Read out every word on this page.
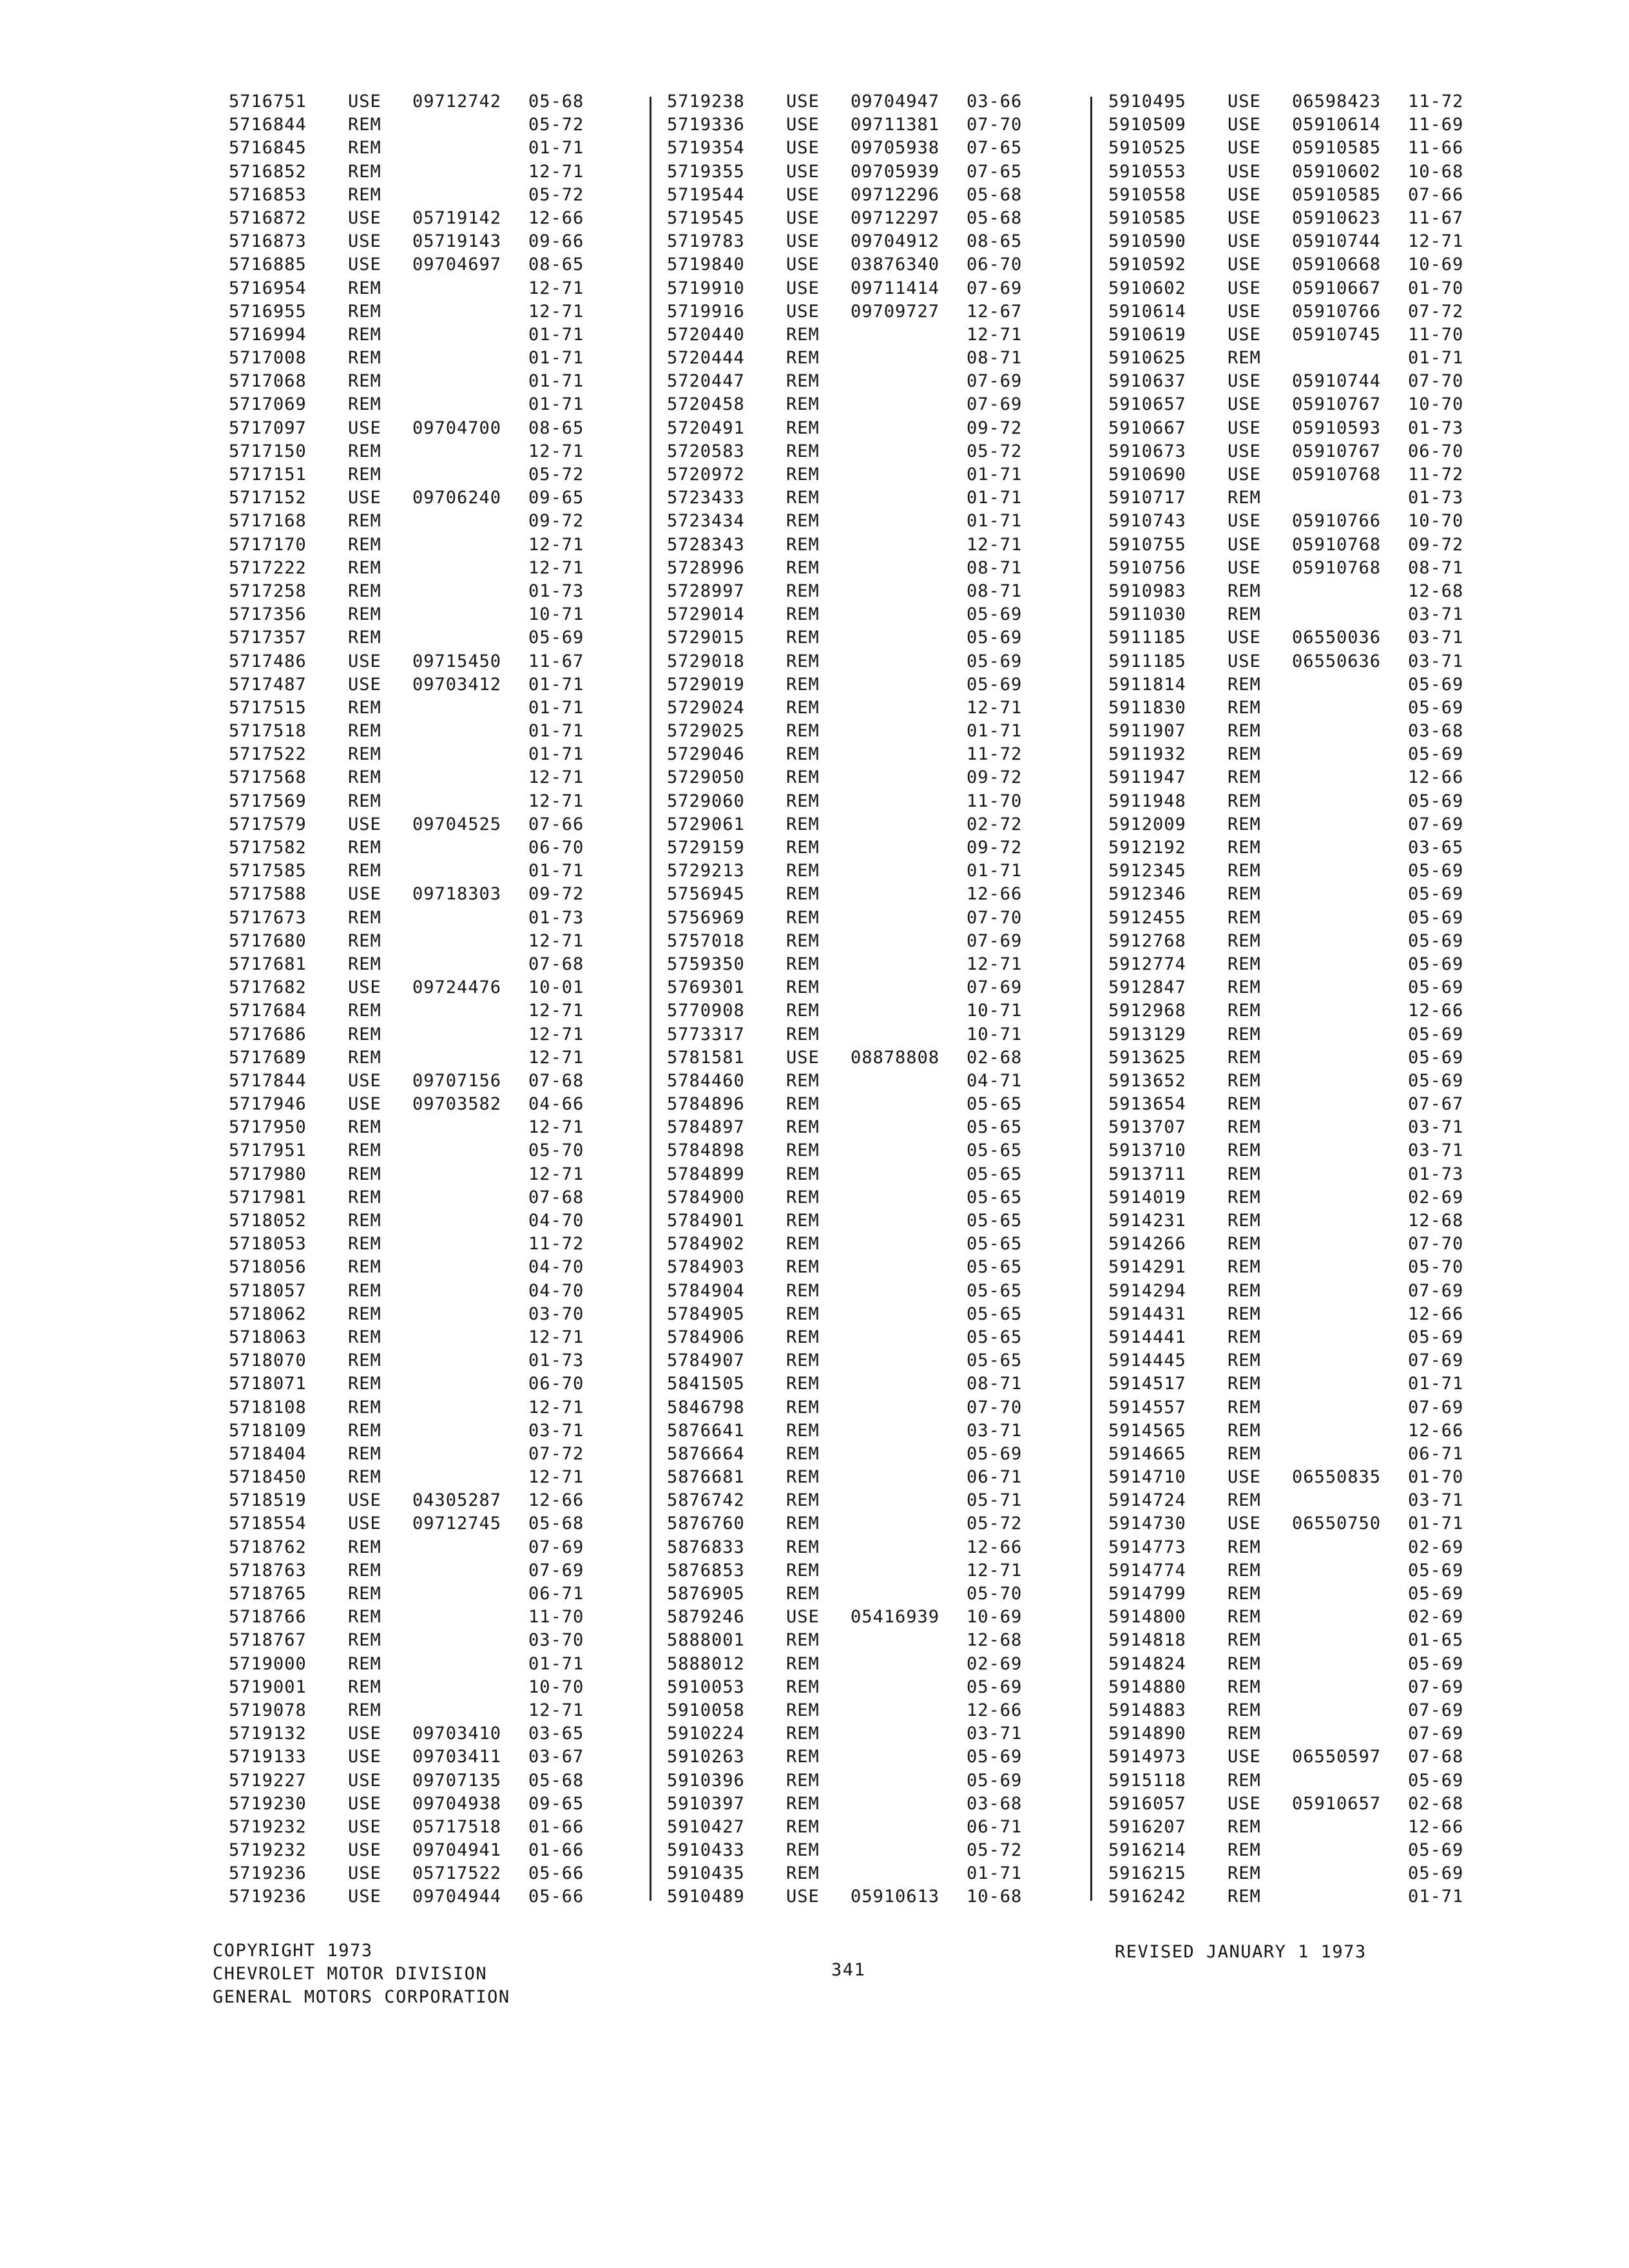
5716751 USE 09712742 05-68
5716844 REM	05-72
5716845 REM	01-71
5716852 REM	12-71
5716853 REM	05-72
5716872 USE 05719142 12-66
5716873 USE 05719143 09-66
5716885 USE 09704697 08-65
5716954 REM	12-71
5716955 REM	12-71
5716994 REM	01-71
5717008 REM	01-71
5717068 REM	01-71
5717069 REM	01-71
5717097 USE 09704700 08-65
5717150 REM	12-71
5717151 REM	05-72
5717152 USE 09706240 09-65
5717168 REM	09-72
5717170 REM	12-71
5717222 REM	12-71
5717258 REM	01-73
5717356 REM	10-71
5717357 REM	05-69
5717486 USE 09715450 11-67
5717487 USE 09703412 01-71
5717515 REM	01-71
5717518 REM	01-71
5717522 REM	01-71
5717568 REM	12-71
5717569 REM	12-71
5717579 USE 09704525 07-66
5717582 REM	06-70
5717585 REM	01-71
5717588 USE 09718303 09-72
5717673 REM	01-73
5717680 REM	12-71
5717681 REM	07-68
5717682 USE 09724476 10-01
5717684 REM	12-71
5717686 REM	12-71
5717689 REM	12-71
5717844 USE 09707156 07-68
5717946 USE 09703582 04-66
5717950 REM	12-71
5717951 REM	05-70
5717980 REM	12-71
5717981 REM	07-68
5718052 REM	04-70
5718053 REM	11-72
5718056 REM	04-70
5718057 REM	04-70
5718062 REM	03-70
5718063 REM	12-71
5718070 REM	01-73
5718071 REM	06-70
5718108 REM	12-71
5718109 REM	03-71
5718404 REM	07-72
5718450 REM	12-71
5718519 USE 04305287 12-66
5718554 USE 09712745 05-68
5718762 REM	07-69
5718763 REM	07-69
5718765 REM	06-71
5718766 REM	11-70
5718767 REM	03-70
5719000 REM	01-71
5719001 REM	10-70
5719078 REM	12-71
5719132 USE 09703410 03-65
5719133 USE 09703411 03-67
5719227 USE 09707135 05-68
5719230 USE 09704938 09-65
5719232 USE 05717518 01-66
5719232 USE 09704941 01-66
5719236 USE 05717522 05-66
5719236 USE 09704944 05-66
5719238 USE 09704947 03-66
5719336 USE 09711381 07-70
5719354 USE 09705938 07-65
5719355 USE 09705939 07-65
5719544 USE 09712296 05-68
5719545 USE 09712297 05-68
5719783 USE 09704912 08-65
5719840 USE 03876340 06-70
5719910 USE 09711414 07-69
5719916 USE 09709727 12-67
5720440 REM	12-71
5720444 REM	08-71
5720447 REM	07-69
5720458 REM	07-69
5720491 REM	09-72
5720583 REM	05-72
5720972 REM	01-71
5723433 REM	01-71
5723434 REM	01-71
5728343 REM	12-71
5728996 REM	08-71
5728997 REM	08-71
5729014 REM	05-69
5729015 REM	05-69
5729018 REM	05-69
5729019 REM	05-69
5729024 REM	12-71
5729025 REM	01-71
5729046 REM	11-72
5729050 REM	09-72
5729060 REM	11-70
5729061 REM	02-72
5729159 REM	09-72
5729213 REM	01-71
5756945 REM	12-66
5756969 REM	07-70
5757018 REM	07-69
5759350 REM	12-71
5769301 REM	07-69
5770908 REM	10-71
5773317 REM	10-71
5781581 USE 08878808 02-68
5784460 REM	04-71
5784896 REM	05-65
5784897 REM	05-65
5784898 REM	05-65
5784899 REM	05-65
5784900 REM	05-65
5784901 REM	05-65
5784902 REM	05-65
5784903 REM	05-65
5784904 REM	05-65
5784905 REM	05-65
5784906 REM	05-65
5784907 REM	05-65
5841505 REM	08-71
5846798 REM	07-70
5876641 REM	03-71
5876664 REM	05-69
5876681 REM	06-71
5876742 REM	05-71
5876760 REM	05-72
5876833 REM	12-66
5876853 REM	12-71
5876905 REM	05-70
5879246 USE 05416939 10-69
5888001 REM	12-68
5888012 REM	02-69
5910053 REM	05-69
5910058 REM	12-66
5910224 REM	03-71
5910263 REM	05-69
5910396 REM	05-69
5910397 REM	03-68
5910427 REM	06-71
5910433 REM	05-72
5910435 REM	01-71
5910489 USE 05910613 10-68
5910495 USE 06598423 11-72
5910509 USE 05910614 11-69
5910525 USE 05910585 11-66
5910553 USE 05910602 10-68
5910558 USE 05910585 07-66
5910585 USE 05910623 11-67
5910590 USE 05910744 12-71
5910592 USE 05910668 10-69
5910602 USE 05910667 01-70
5910614 USE 05910766 07-72
5910619 USE 05910745 11-70
5910625 REM	01-71
5910637 USE 05910744 07-70
5910657 USE 05910767 10-70
5910667 USE 05910593 01-73
5910673 USE 05910767 06-70
5910690 USE 05910768 11-72
5910717 REM	01-73
5910743 USE 05910766 10-70
5910755 USE 05910768 09-72
5910756 USE 05910768 08-71
5910983 REM	12-68
5911030 REM	03-71
5911185 USE 06550036 03-71
5911185 USE 06550636 03-71
5911814 REM	05-69
5911830 REM	05-69
5911907 REM	03-68
5911932 REM	05-69
5911947 REM	12-66
5911948 REM	05-69
5912009 REM	07-69
5912192 REM	03-65
5912345 REM	05-69
5912346 REM	05-69
5912455 REM	05-69
5912768 REM	05-69
5912774 REM	05-69
5912847 REM	05-69
5912968 REM	12-66
5913129 REM	05-69
5913625 REM	05-69
5913652 REM	05-69
5913654 REM	07-67
5913707 REM	03-71
5913710 REM	03-71
5913711 REM	01-73
5914019 REM	02-69
5914231 REM	12-68
5914266 REM	07-70
5914291 REM	05-70
5914294 REM	07-69
5914431 REM	12-66
5914441 REM	05-69
5914445 REM	07-69
5914517 REM	01-71
5914557 REM	07-69
5914565 REM	12-66
5914665 REM	06-71
5914710 USE 06550835 01-70
5914724 REM	03-71
5914730 USE 06550750 01-71
5914773 REM	02-69
5914774 REM	05-69
5914799 REM	05-69
5914800 REM	02-69
5914818 REM	01-65
5914824 REM	05-69
5914880 REM	07-69
5914883 REM	07-69
5914890 REM	07-69
5914973 USE 06550597 07-68
5915118 REM	05-69
5916057 USE 05910657 02-68
5916207 REM	12-66
5916214 REM	05-69
5916215 REM	05-69
5916242 REM	01-71
COPYRIGHT 1973
CHEVROLET MOTOR DIVISION
GENERAL MOTORS CORPORATION
341
REVISED JANUARY 1 1973
